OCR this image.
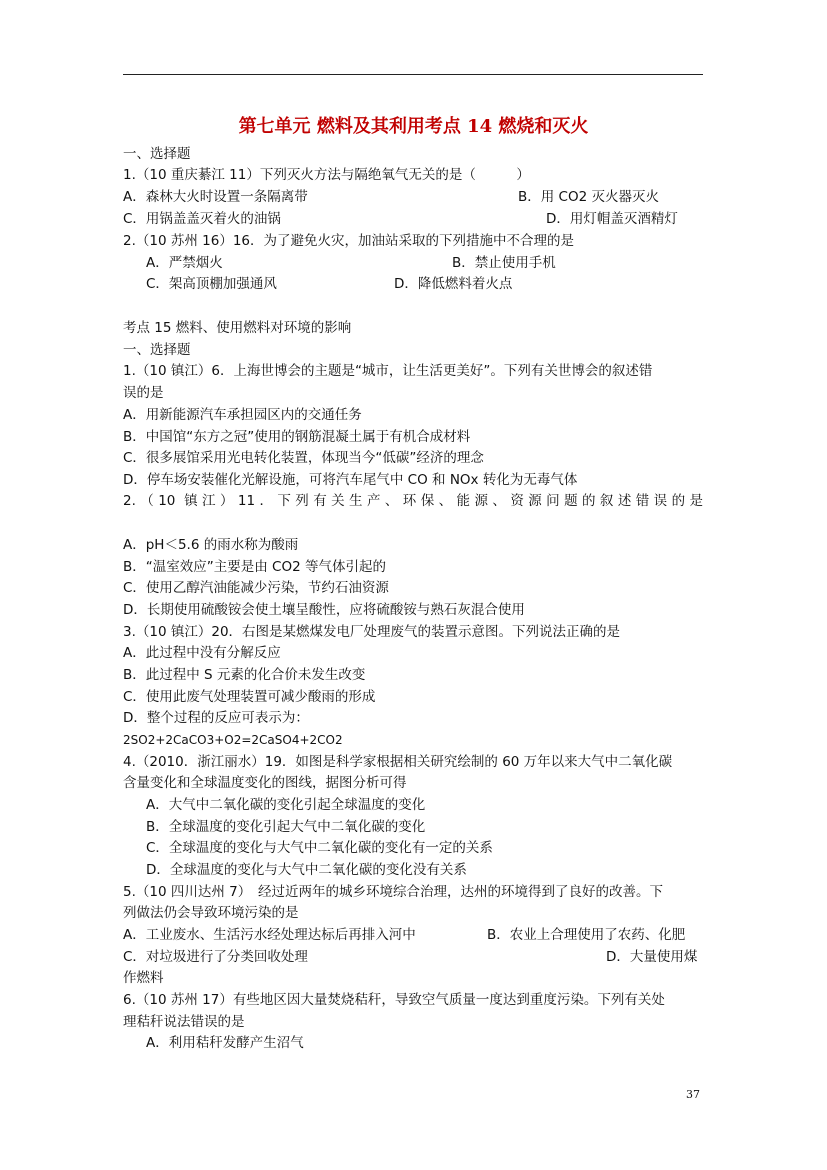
第七单元 燃料及其利用考点 14 燃烧和灭火
一、选择题
1.（10 重庆綦江 11）下列灭火方法与隔绝氧气无关的是（　　　）
A．森林大火时设置一条隔离带	B．用 CO2 灭火器灭火
C．用锅盖盖灭着火的油锅	D．用灯帽盖灭酒精灯
2.（10 苏州 16）16．为了避免火灾，加油站采取的下列措施中不合理的是
A．严禁烟火	B．禁止使用手机
C．架高顶棚加强通风	D．降低燃料着火点
考点 15 燃料、使用燃料对环境的影响
一、选择题
1.（10 镇江）6．上海世博会的主题是“城市，让生活更美好”。下列有关世博会的叙述错
误的是
A．用新能源汽车承担园区内的交通任务
B．中国馆“东方之冠”使用的钢筋混凝土属于有机合成材料
C．很多展馆采用光电转化装置，体现当今“低碳”经济的理念
D．停车场安装催化光解设施，可将汽车尾气中 CO 和 NOx 转化为无毒气体
2.（10 镇江）11．下列有关生产、环保、能源、资源问题的叙述错误的是
A．pH＜5.6 的雨水称为酸雨
B．“温室效应”主要是由 CO2 等气体引起的
C．使用乙醇汽油能减少污染，节约石油资源
D．长期使用硫酸铵会使土壤呈酸性，应将硫酸铵与熟石灰混合使用
3.（10 镇江）20．右图是某燃煤发电厂处理废气的装置示意图。下列说法正确的是
A．此过程中没有分解反应
B．此过程中 S 元素的化合价未发生改变
C．使用此废气处理装置可减少酸雨的形成
D．整个过程的反应可表示为：
2SO2+2CaCO3+O2=2CaSO4+2CO2
4.（2010．浙江丽水）19．如图是科学家根据相关研究绘制的 60 万年以来大气中二氧化碳
含量变化和全球温度变化的图线，据图分析可得
A．大气中二氧化碳的变化引起全球温度的变化
B．全球温度的变化引起大气中二氧化碳的变化
C．全球温度的变化与大气中二氧化碳的变化有一定的关系
D．全球温度的变化与大气中二氧化碳的变化没有关系
5.（10 四川达州 7）　经过近两年的城乡环境综合治理，达州的环境得到了良好的改善。下
列做法仍会导致环境污染的是
A．工业废水、生活污水经处理达标后再排入河中	B．农业上合理使用了农药、化肥
C．对垃圾进行了分类回收处理	D．大量使用煤
作燃料
6.（10 苏州 17）有些地区因大量焚烧秸秆，导致空气质量一度达到重度污染。下列有关处
理秸秆说法错误的是
A．利用秸秆发酵产生沼气
37
